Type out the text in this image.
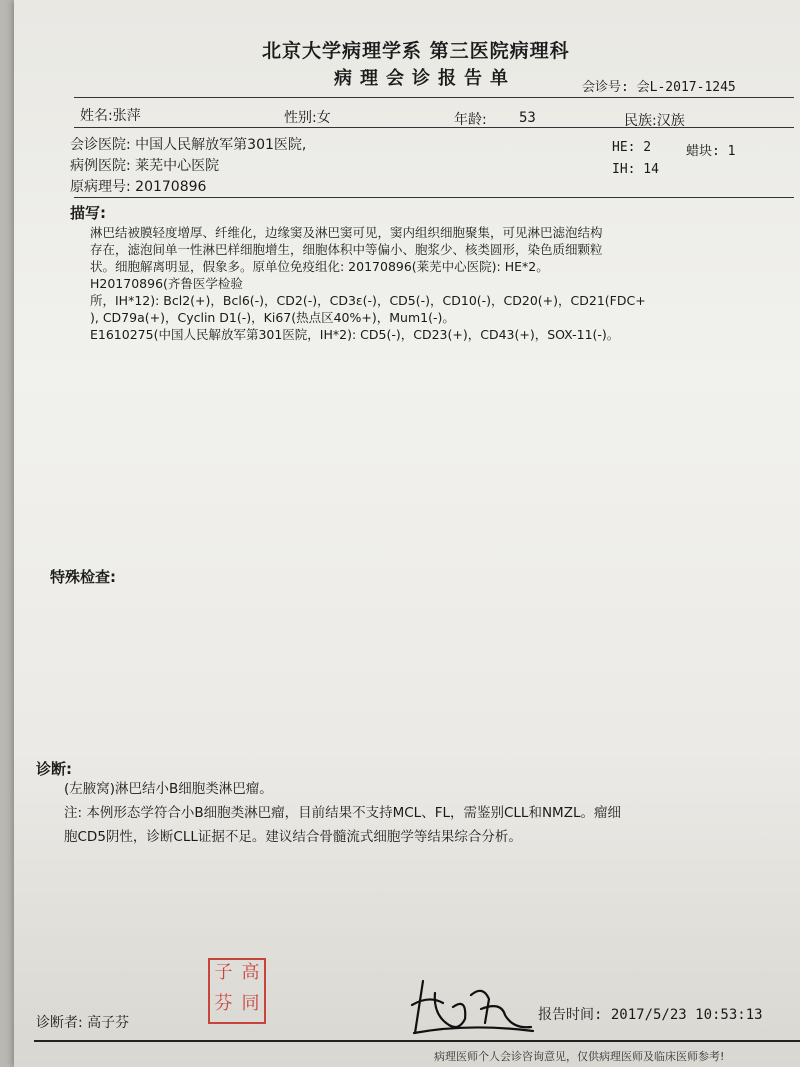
北京大学病理学系 第三医院病理科
病理会诊报告单	会诊号: 会L-2017-1245
姓名:张萍	性别:女	年龄: 53	民族:汉族
会诊医院: 中国人民解放军第301医院,
病例医院: 莱芜中心医院
原病理号: 20170896
HE: 2	蜡块: 1
IH: 14
描写:
淋巴结被膜轻度增厚、纤维化，边缘窦及淋巴窦可见，窦内组织细胞聚集，可见淋巴滤泡结构
存在，滤泡间单一性淋巴样细胞增生，细胞体积中等偏小、胞浆少、核类圆形，染色质细颗粒
状。细胞解离明显，假象多。原单位免疫组化: 20170896(莱芜中心医院): HE*2。
H20170896(齐鲁医学检验
所，IH*12): Bcl2(+)，Bcl6(-)，CD2(-)，CD3ε(-)，CD5(-)，CD10(-)，CD20(+)，CD21(FDC+
), CD79a(+)，Cyclin D1(-)，Ki67(热点区40%+)，Mum1(-)。
E1610275(中国人民解放军第301医院，IH*2): CD5(-)，CD23(+)，CD43(+)，SOX-11(-)。
特殊检查:
诊断:
(左腋窝)淋巴结小B细胞类淋巴瘤。
注: 本例形态学符合小B细胞类淋巴瘤，目前结果不支持MCL、FL，需鉴别CLL和NMZL。瘤细
胞CD5阴性，诊断CLL证据不足。建议结合骨髓流式细胞学等结果综合分析。
子 高
芬 同
诊断者: 高子芬	报告时间: 2017/5/23 10:53:13
病理医师个人会诊咨询意见，仅供病理医师及临床医师参考!
